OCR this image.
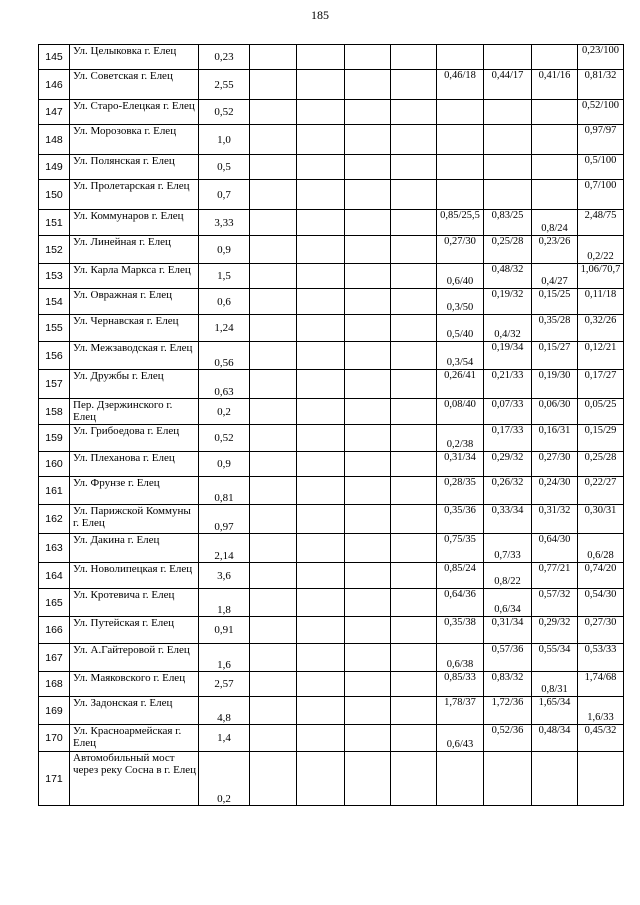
185
145	Ул. Целыковка г. Елец	0,23								0,23/100
146	Ул. Советская г. Елец	2,55					0,46/18	0,44/17	0,41/16	0,81/32
147	Ул. Старо-Елецкая г. Елец	0,52								0,52/100
148	Ул. Морозовка г. Елец	1,0								0,97/97
149	Ул. Полянская г. Елец	0,5								0,5/100
150	Ул. Пролетарская г. Елец	0,7								0,7/100
151	Ул. Коммунаров г. Елец	3,33					0,85/25,5	0,83/25	0,8/24	2,48/75
152	Ул. Линейная г. Елец	0,9					0,27/30	0,25/28	0,23/26	0,2/22
153	Ул. Карла Маркса г. Елец	1,5					0,6/40	0,48/32	0,4/27	1,06/70,7
154	Ул. Овражная г. Елец	0,6					0,3/50	0,19/32	0,15/25	0,11/18
155	Ул. Чернавская г. Елец	1,24					0,5/40	0,4/32	0,35/28	0,32/26
156	Ул. Межзаводская г. Елец	0,56					0,3/54	0,19/34	0,15/27	0,12/21
157	Ул. Дружбы г. Елец	0,63					0,26/41	0,21/33	0,19/30	0,17/27
158	Пер. Дзержинского г. Елец	0,2					0,08/40	0,07/33	0,06/30	0,05/25
159	Ул. Грибоедова г. Елец	0,52					0,2/38	0,17/33	0,16/31	0,15/29
160	Ул. Плеханова г. Елец	0,9					0,31/34	0,29/32	0,27/30	0,25/28
161	Ул. Фрунзе г. Елец	0,81					0,28/35	0,26/32	0,24/30	0,22/27
162	Ул. Парижской Коммуны г. Елец	0,97					0,35/36	0,33/34	0,31/32	0,30/31
163	Ул. Дакина г. Елец	2,14					0,75/35	0,7/33	0,64/30	0,6/28
164	Ул. Новолипецкая г. Елец	3,6					0,85/24	0,8/22	0,77/21	0,74/20
165	Ул. Кротевича г. Елец	1,8					0,64/36	0,6/34	0,57/32	0,54/30
166	Ул. Путейская г. Елец	0,91					0,35/38	0,31/34	0,29/32	0,27/30
167	Ул. А.Гайтеровой г. Елец	1,6					0,6/38	0,57/36	0,55/34	0,53/33
168	Ул. Маяковского г. Елец	2,57					0,85/33	0,83/32	0,8/31	1,74/68
169	Ул. Задонская г. Елец	4,8					1,78/37	1,72/36	1,65/34	1,6/33
170	Ул. Красноармейская г. Елец	1,4					0,6/43	0,52/36	0,48/34	0,45/32
171	Автомобильный мост через реку Сосна в г. Елец	0,2								
